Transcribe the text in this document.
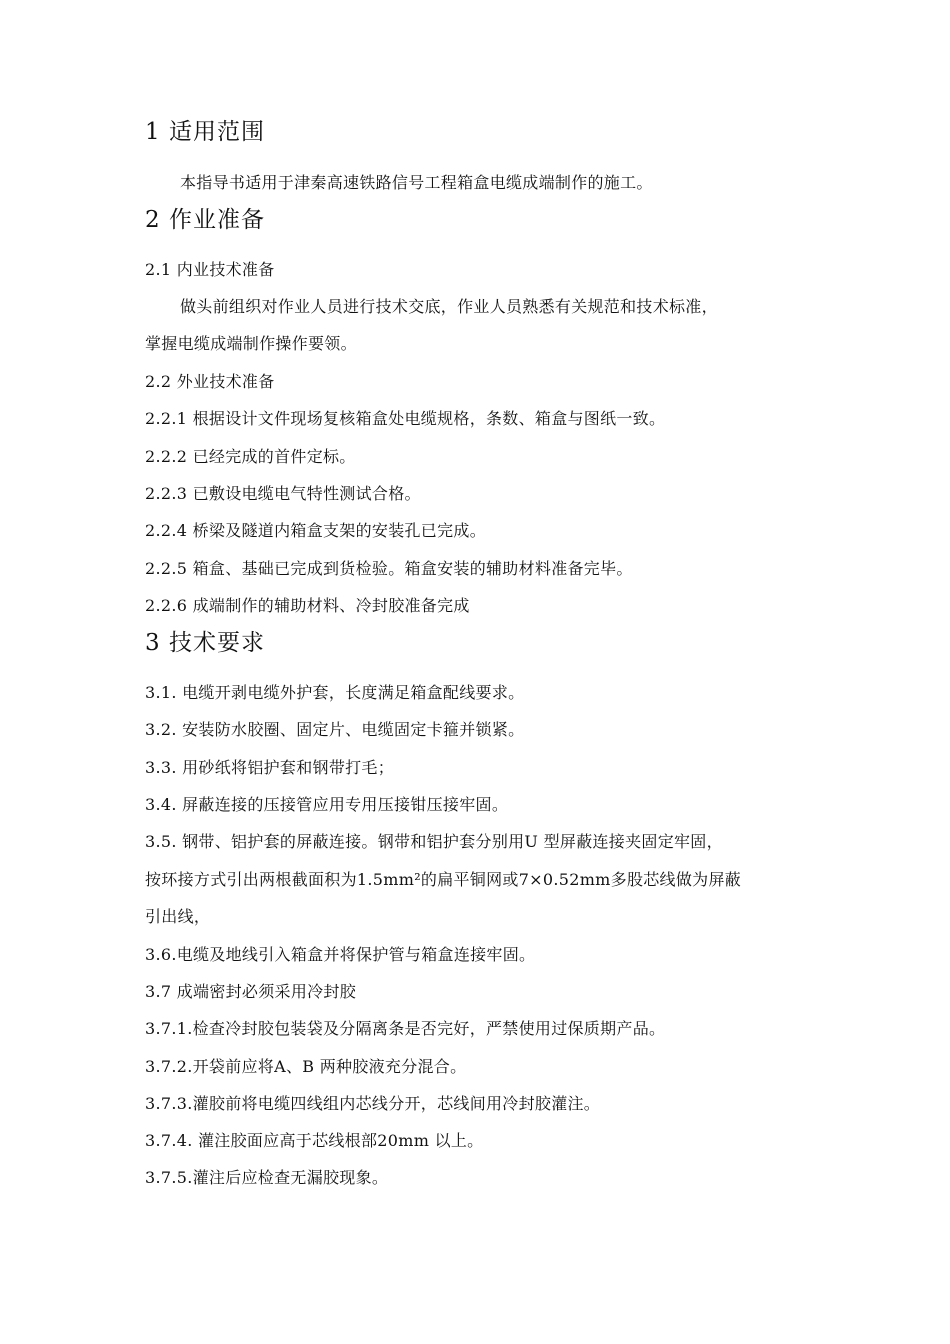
1 适用范围
本指导书适用于津秦高速铁路信号工程箱盒电缆成端制作的施工。
2 作业准备
2.1 内业技术准备
做头前组织对作业人员进行技术交底，作业人员熟悉有关规范和技术标准，
掌握电缆成端制作操作要领。
2.2 外业技术准备
2.2.1 根据设计文件现场复核箱盒处电缆规格，条数、箱盒与图纸一致。
2.2.2 已经完成的首件定标。
2.2.3 已敷设电缆电气特性测试合格。
2.2.4 桥梁及隧道内箱盒支架的安装孔已完成。
2.2.5 箱盒、基础已完成到货检验。箱盒安装的辅助材料准备完毕。
2.2.6 成端制作的辅助材料、冷封胶准备完成
3 技术要求
3.1. 电缆开剥电缆外护套，长度满足箱盒配线要求。
3.2. 安装防水胶圈、固定片、电缆固定卡箍并锁紧。
3.3. 用砂纸将铝护套和钢带打毛；
3.4. 屏蔽连接的压接管应用专用压接钳压接牢固。
3.5. 钢带、铝护套的屏蔽连接。钢带和铝护套分别用U 型屏蔽连接夹固定牢固，
按环接方式引出两根截面积为1.5mm²的扁平铜网或7×0.52mm多股芯线做为屏蔽
引出线，
3.6.电缆及地线引入箱盒并将保护管与箱盒连接牢固。
3.7 成端密封必须采用冷封胶
3.7.1.检查冷封胶包装袋及分隔离条是否完好，严禁使用过保质期产品。
3.7.2.开袋前应将A、B 两种胶液充分混合。
3.7.3.灌胶前将电缆四线组内芯线分开，芯线间用冷封胶灌注。
3.7.4. 灌注胶面应高于芯线根部20mm 以上。
3.7.5.灌注后应检查无漏胶现象。
